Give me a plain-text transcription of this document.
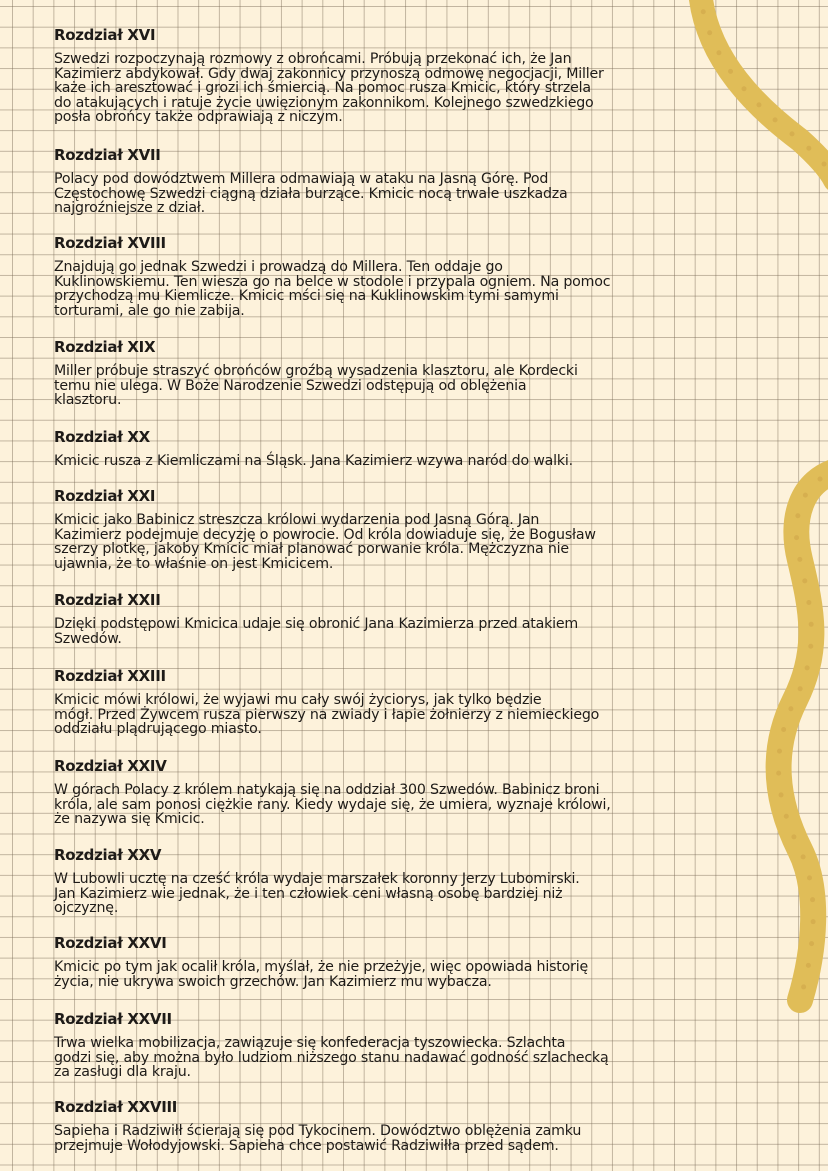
Rozdział XVI

Szwedzi rozpoczynają rozmowy z obrońcami. Próbują przekonać ich, że Jan
Kazimierz abdykował. Gdy dwaj zakonnicy przynoszą odmowę negocjacji, Miller
każe ich aresztować i grozi ich śmiercią. Na pomoc rusza Kmicic, który strzela
do atakujących i ratuje życie uwięzionym zakonnikom. Kolejnego szwedzkiego
posła obrońcy także odprawiają z niczym.

Rozdział XVII

Polacy pod dowództwem Millera odmawiają w ataku na Jasną Górę. Pod
Częstochowę Szwedzi ciągną działa burzące. Kmicic nocą trwale uszkadza
najgroźniejsze z dział.

Rozdział XVIII

Znajdują go jednak Szwedzi i prowadzą do Millera. Ten oddaje go
Kuklinowskiemu. Ten wiesza go na belce w stodole i przypala ogniem. Na pomoc
przychodzą mu Kiemlicze. Kmicic mści się na Kuklinowskim tymi samymi
torturami, ale go nie zabija.

Rozdział XIX

Miller próbuje straszyć obrońców groźbą wysadzenia klasztoru, ale Kordecki
temu nie ulega. W Boże Narodzenie Szwedzi odstępują od oblężenia
klasztoru.

Rozdział XX

Kmicic rusza z Kiemliczami na Śląsk. Jana Kazimierz wzywa naród do walki.

Rozdział XXI

Kmicic jako Babinicz streszcza królowi wydarzenia pod Jasną Górą. Jan
Kazimierz podejmuje decyzję o powrocie. Od króla dowiaduje się, że Bogusław
szerzy plotkę, jakoby Kmicic miał planować porwanie króla. Mężczyzna nie
ujawnia, że to właśnie on jest Kmicicem.

Rozdział XXII

Dzięki podstępowi Kmicica udaje się obronić Jana Kazimierza przed atakiem
Szwedów.

Rozdział XXIII

Kmicic mówi królowi, że wyjawi mu cały swój życiorys, jak tylko będzie
mógł. Przed Żywcem rusza pierwszy na zwiady i łapie żołnierzy z niemieckiego
oddziału plądrującego miasto.

Rozdział XXIV

W górach Polacy z królem natykają się na oddział 300 Szwedów. Babinicz broni
króla, ale sam ponosi ciężkie rany. Kiedy wydaje się, że umiera, wyznaje królowi,
że nazywa się Kmicic.

Rozdział XXV

W Lubowli ucztę na cześć króla wydaje marszałek koronny Jerzy Lubomirski.
Jan Kazimierz wie jednak, że i ten człowiek ceni własną osobę bardziej niż
ojczyznę.

Rozdział XXVI

Kmicic po tym jak ocalił króla, myślał, że nie przeżyje, więc opowiada historię
życia, nie ukrywa swoich grzechów. Jan Kazimierz mu wybacza.

Rozdział XXVII

Trwa wielka mobilizacja, zawiązuje się konfederacja tyszowiecka. Szlachta
godzi się, aby można było ludziom niższego stanu nadawać godność szlachecką
za zasługi dla kraju.

Rozdział XXVIII

Sapieha i Radziwiłł ścierają się pod Tykocinem. Dowództwo oblężenia zamku
przejmuje Wołodyjowski. Sapieha chce postawić Radziwiłła przed sądem.
